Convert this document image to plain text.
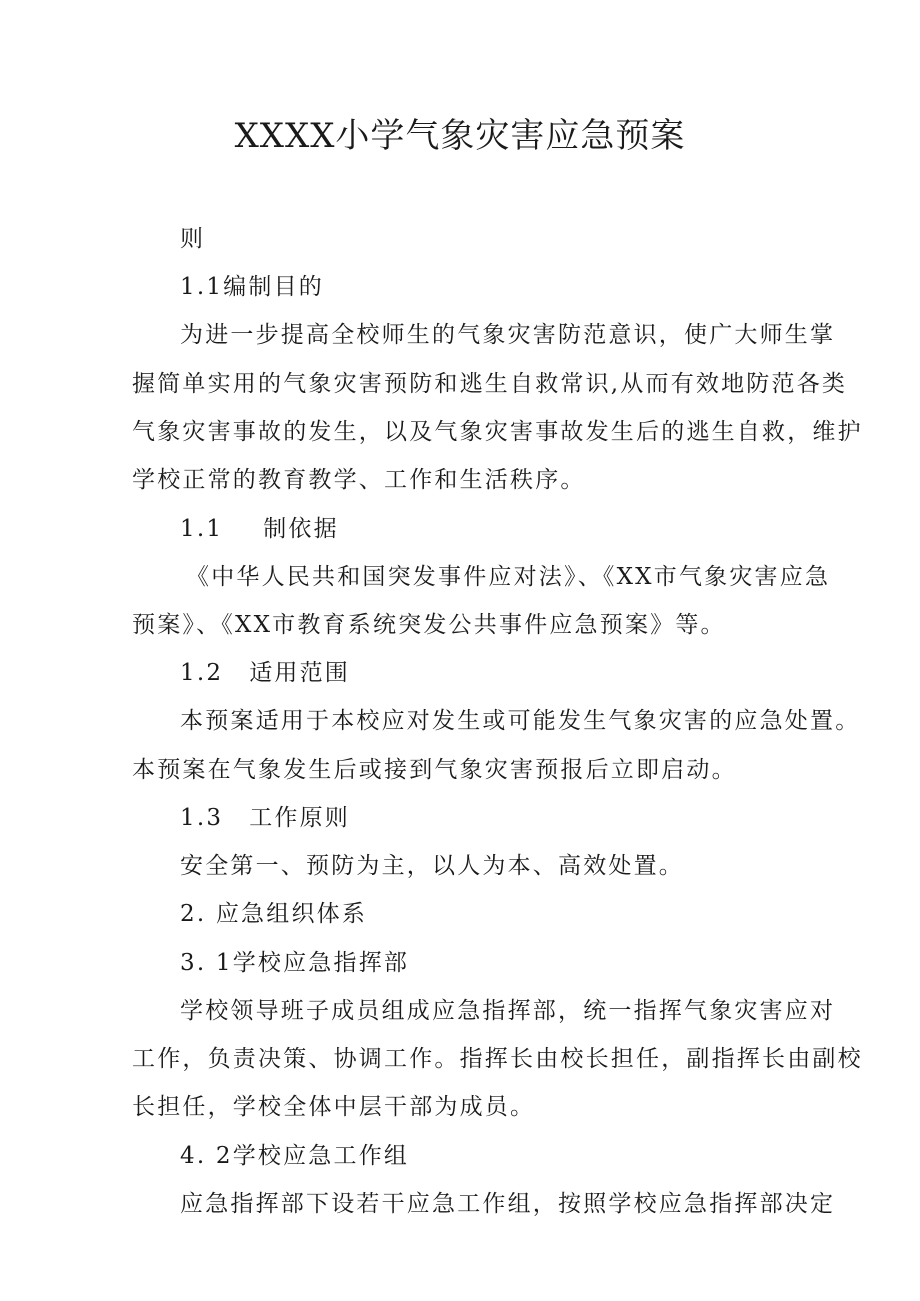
XXXX小学气象灾害应急预案

则

1.1编制目的

为进一步提高全校师生的气象灾害防范意识，使广大师生掌

握简单实用的气象灾害预防和逃生自救常识,从而有效地防范各类

气象灾害事故的发生，以及气象灾害事故发生后的逃生自救，维护

学校正常的教育教学、工作和生活秩序。

1.1 制依据

《中华人民共和国突发事件应对法》、《XX市气象灾害应急

预案》、《XX市教育系统突发公共事件应急预案》等。

1.2 适用范围

本预案适用于本校应对发生或可能发生气象灾害的应急处置。

本预案在气象发生后或接到气象灾害预报后立即启动。

1.3 工作原则

安全第一、预防为主，以人为本、高效处置。

2. 应急组织体系

3. 1学校应急指挥部

学校领导班子成员组成应急指挥部，统一指挥气象灾害应对

工作，负责决策、协调工作。指挥长由校长担任，副指挥长由副校

长担任，学校全体中层干部为成员。

4. 2学校应急工作组

应急指挥部下设若干应急工作组，按照学校应急指挥部决定
